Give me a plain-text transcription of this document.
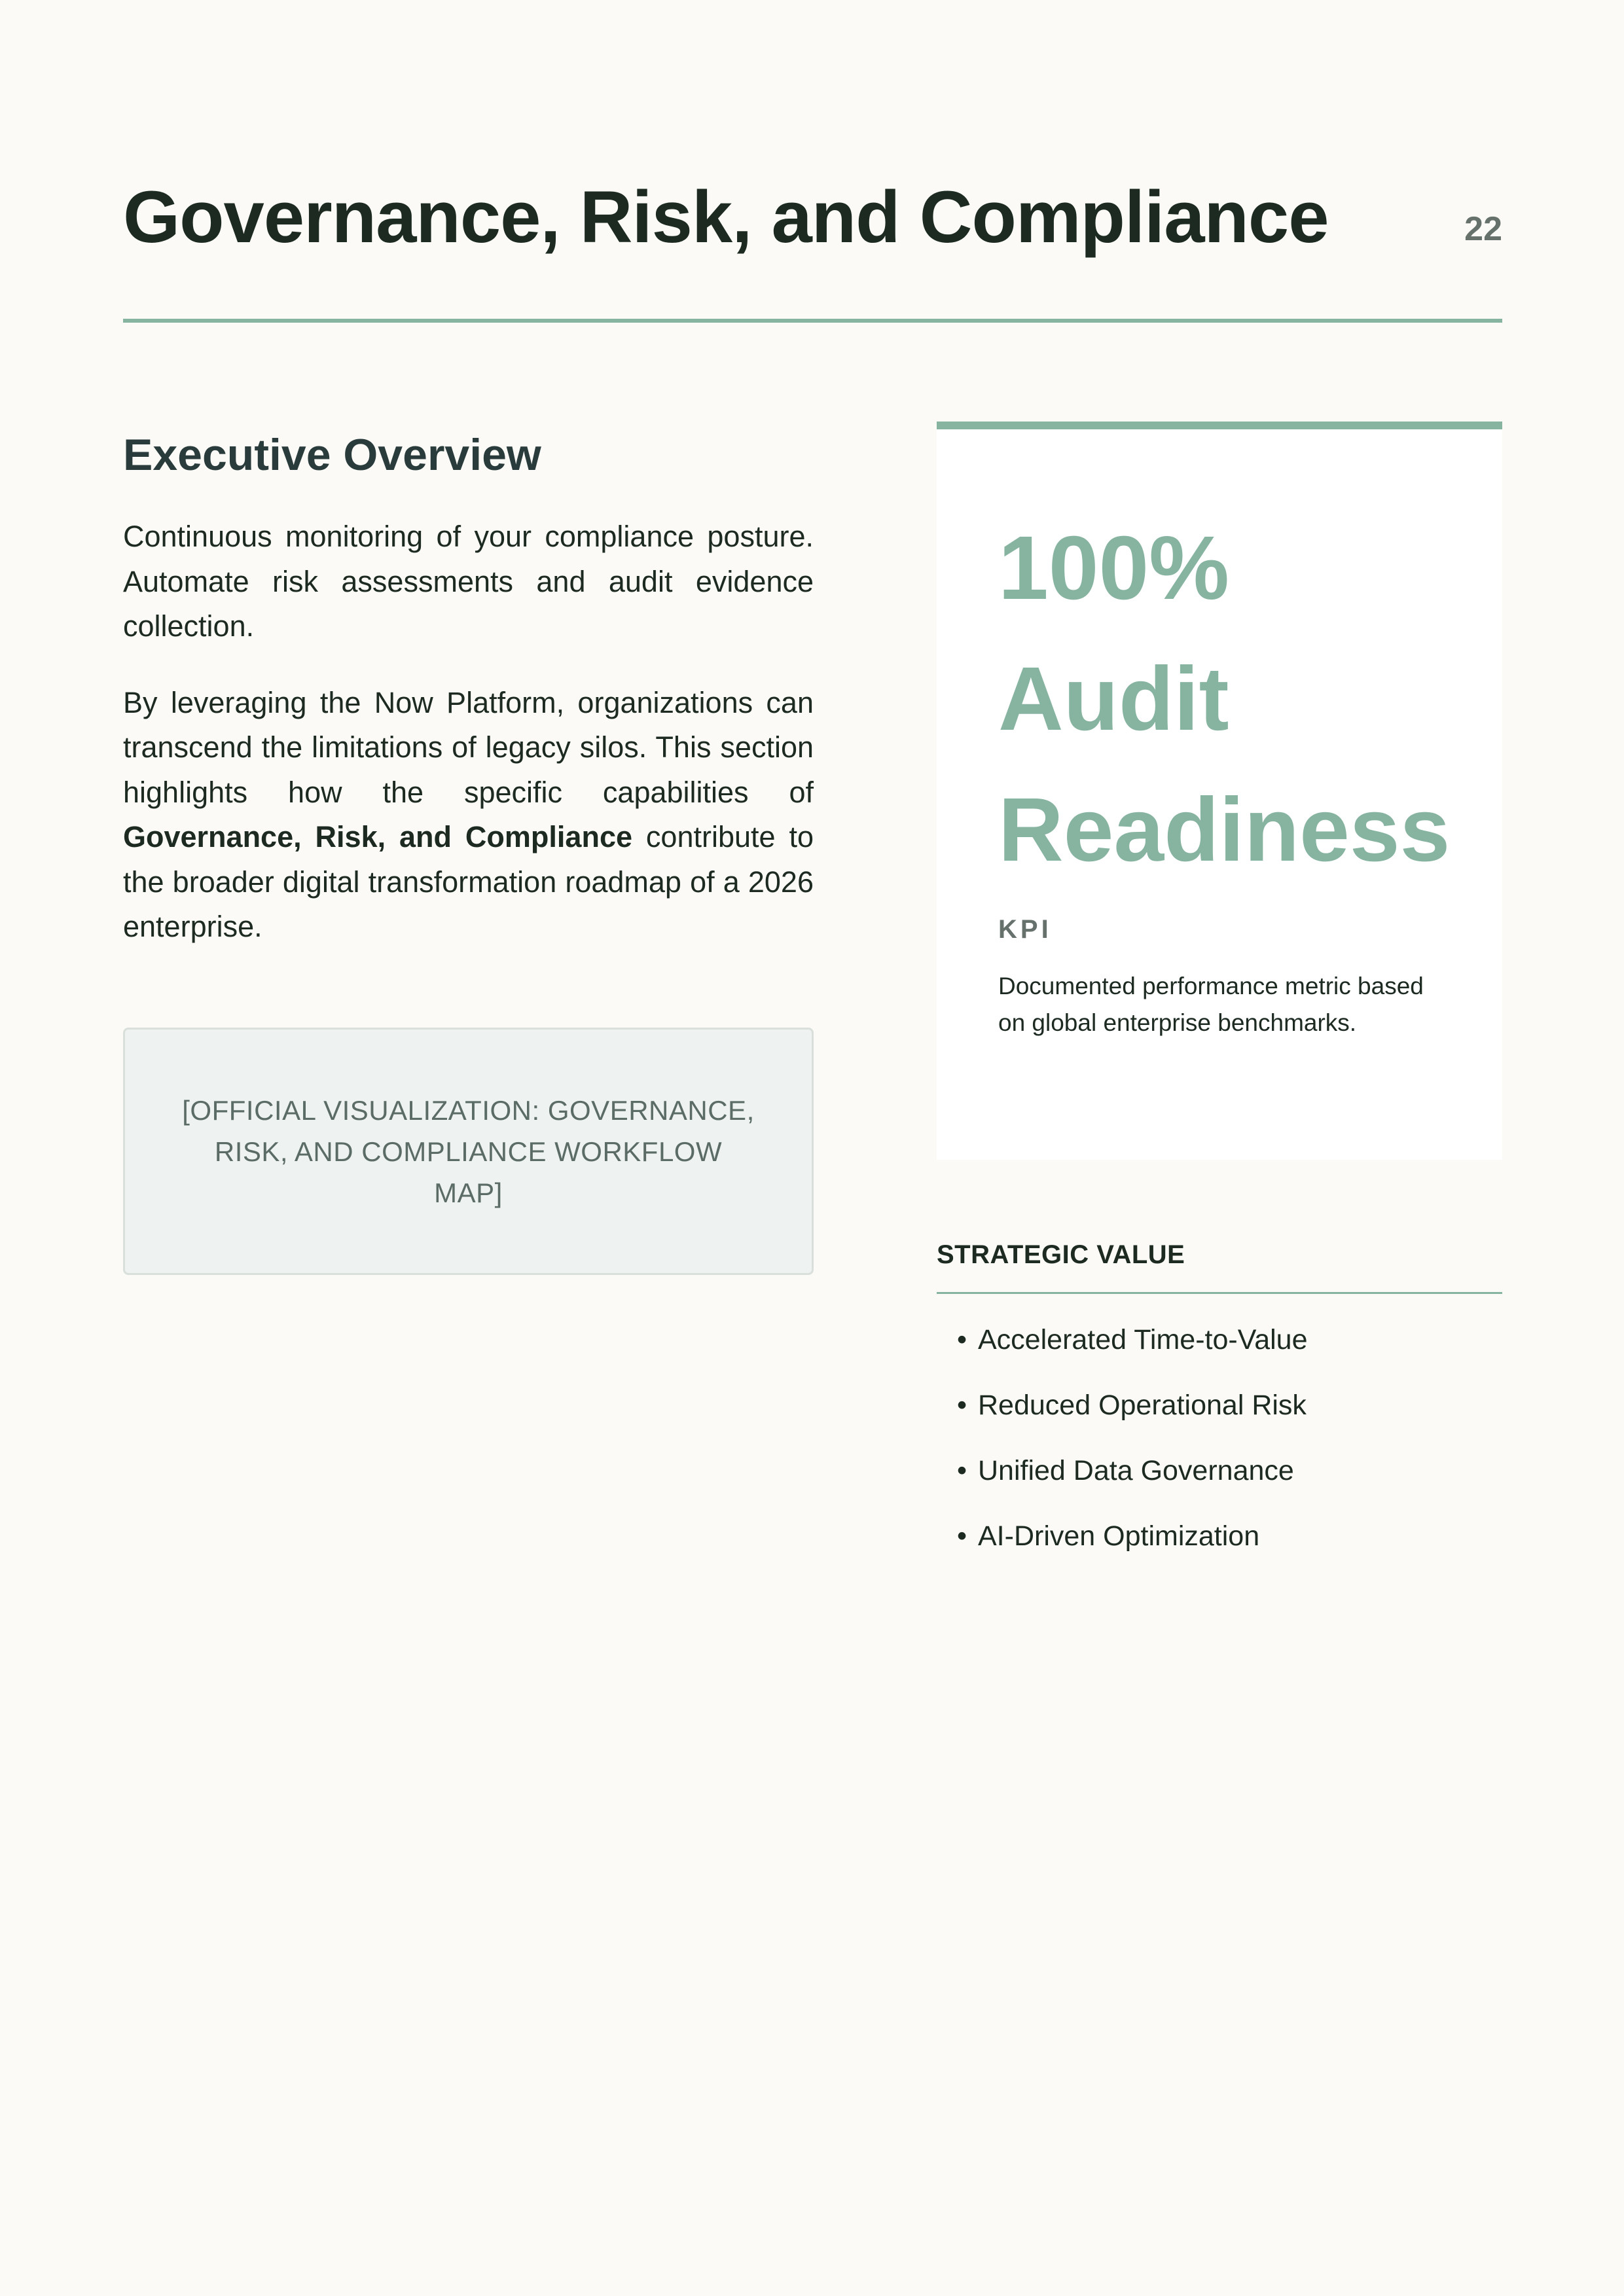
Governance, Risk, and Compliance	22
Executive Overview

Continuous monitoring of your compliance posture. Automate risk assessments and audit evidence collection.

By leveraging the Now Platform, organizations can transcend the limitations of legacy silos. This section highlights how the specific capabilities of Governance, Risk, and Compliance contribute to the broader digital transformation roadmap of a 2026 enterprise.

[OFFICIAL VISUALIZATION: GOVERNANCE, RISK, AND COMPLIANCE WORKFLOW MAP]
100%
Audit
Readiness
KPI
Documented performance metric based on global enterprise benchmarks.
STRATEGIC VALUE
• Accelerated Time-to-Value
• Reduced Operational Risk
• Unified Data Governance
• AI-Driven Optimization
